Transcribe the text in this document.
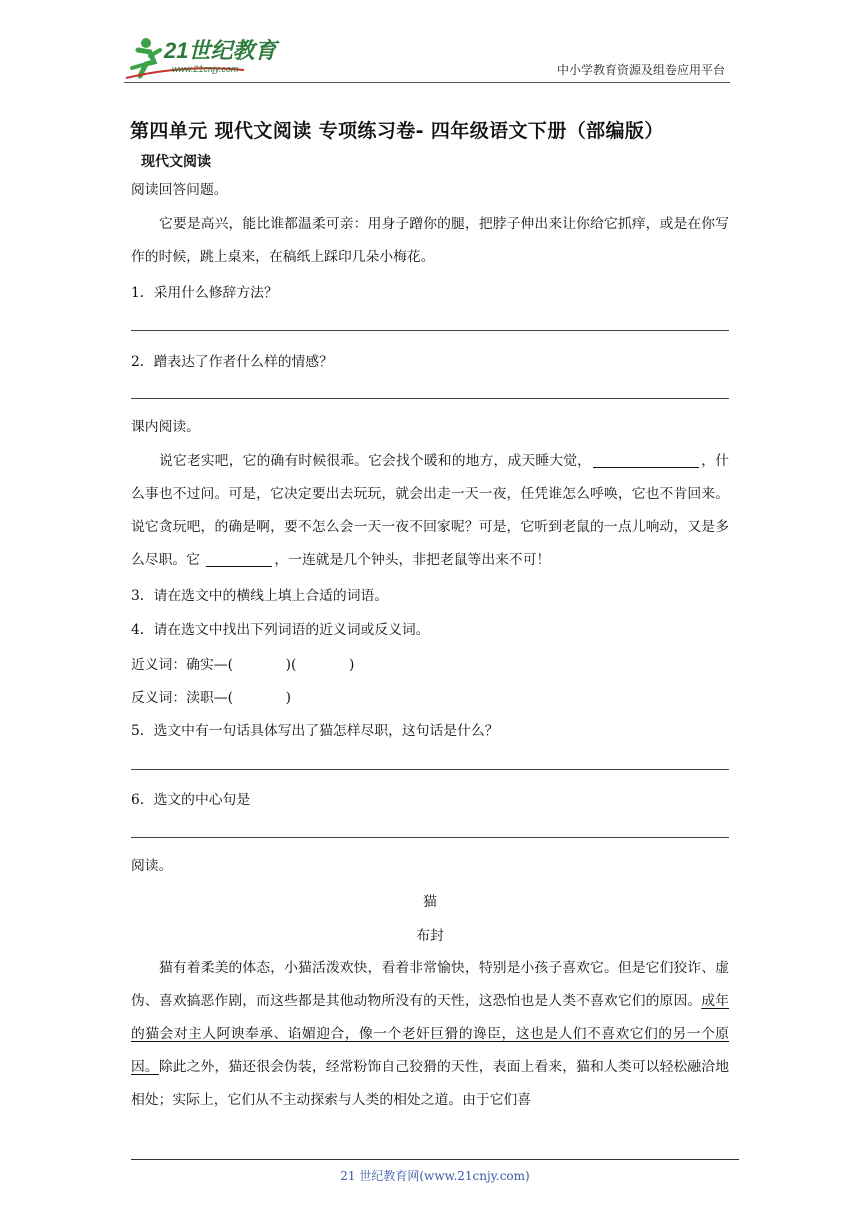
21世纪教育
www.21cnjy.com	中小学教育资源及组卷应用平台
第四单元 现代文阅读 专项练习卷- 四年级语文下册（部编版）
现代文阅读
阅读回答问题。
它要是高兴，能比谁都温柔可亲：用身子蹭你的腿，把脖子伸出来让你给它抓痒，或是在你写作的时候，跳上桌来，在稿纸上踩印几朵小梅花。
1．采用什么修辞方法？
2．蹭表达了作者什么样的情感？
课内阅读。
说它老实吧，它的确有时候很乖。它会找个暖和的地方，成天睡大觉，	，什么事也不过问。可是，它决定要出去玩玩，就会出走一天一夜，任凭谁怎么呼唤，它也不肯回来。说它贪玩吧，的确是啊，要不怎么会一天一夜不回家呢？可是，它听到老鼠的一点儿响动，又是多么尽职。它	，一连就是几个钟头，非把老鼠等出来不可！
3．请在选文中的横线上填上合适的词语。
4．请在选文中找出下列词语的近义词或反义词。
近义词：确实—(            )(            )
反义词：渎职—(            )
5．选文中有一句话具体写出了猫怎样尽职，这句话是什么？
6．选文的中心句是
阅读。
猫
布封
猫有着柔美的体态，小猫活泼欢快，看着非常愉快，特别是小孩子喜欢它。但是它们狡诈、虚伪、喜欢搞恶作剧，而这些都是其他动物所没有的天性，这恐怕也是人类不喜欢它们的原因。成年的猫会对主人阿谀奉承、谄媚迎合，像一个老奸巨猾的谗臣，这也是人们不喜欢它们的另一个原因。除此之外，猫还很会伪装，经常粉饰自己狡猾的天性，表面上看来，猫和人类可以轻松融洽地相处；实际上，它们从不主动探索与人类的相处之道。由于它们喜
21 世纪教育网(www.21cnjy.com)
